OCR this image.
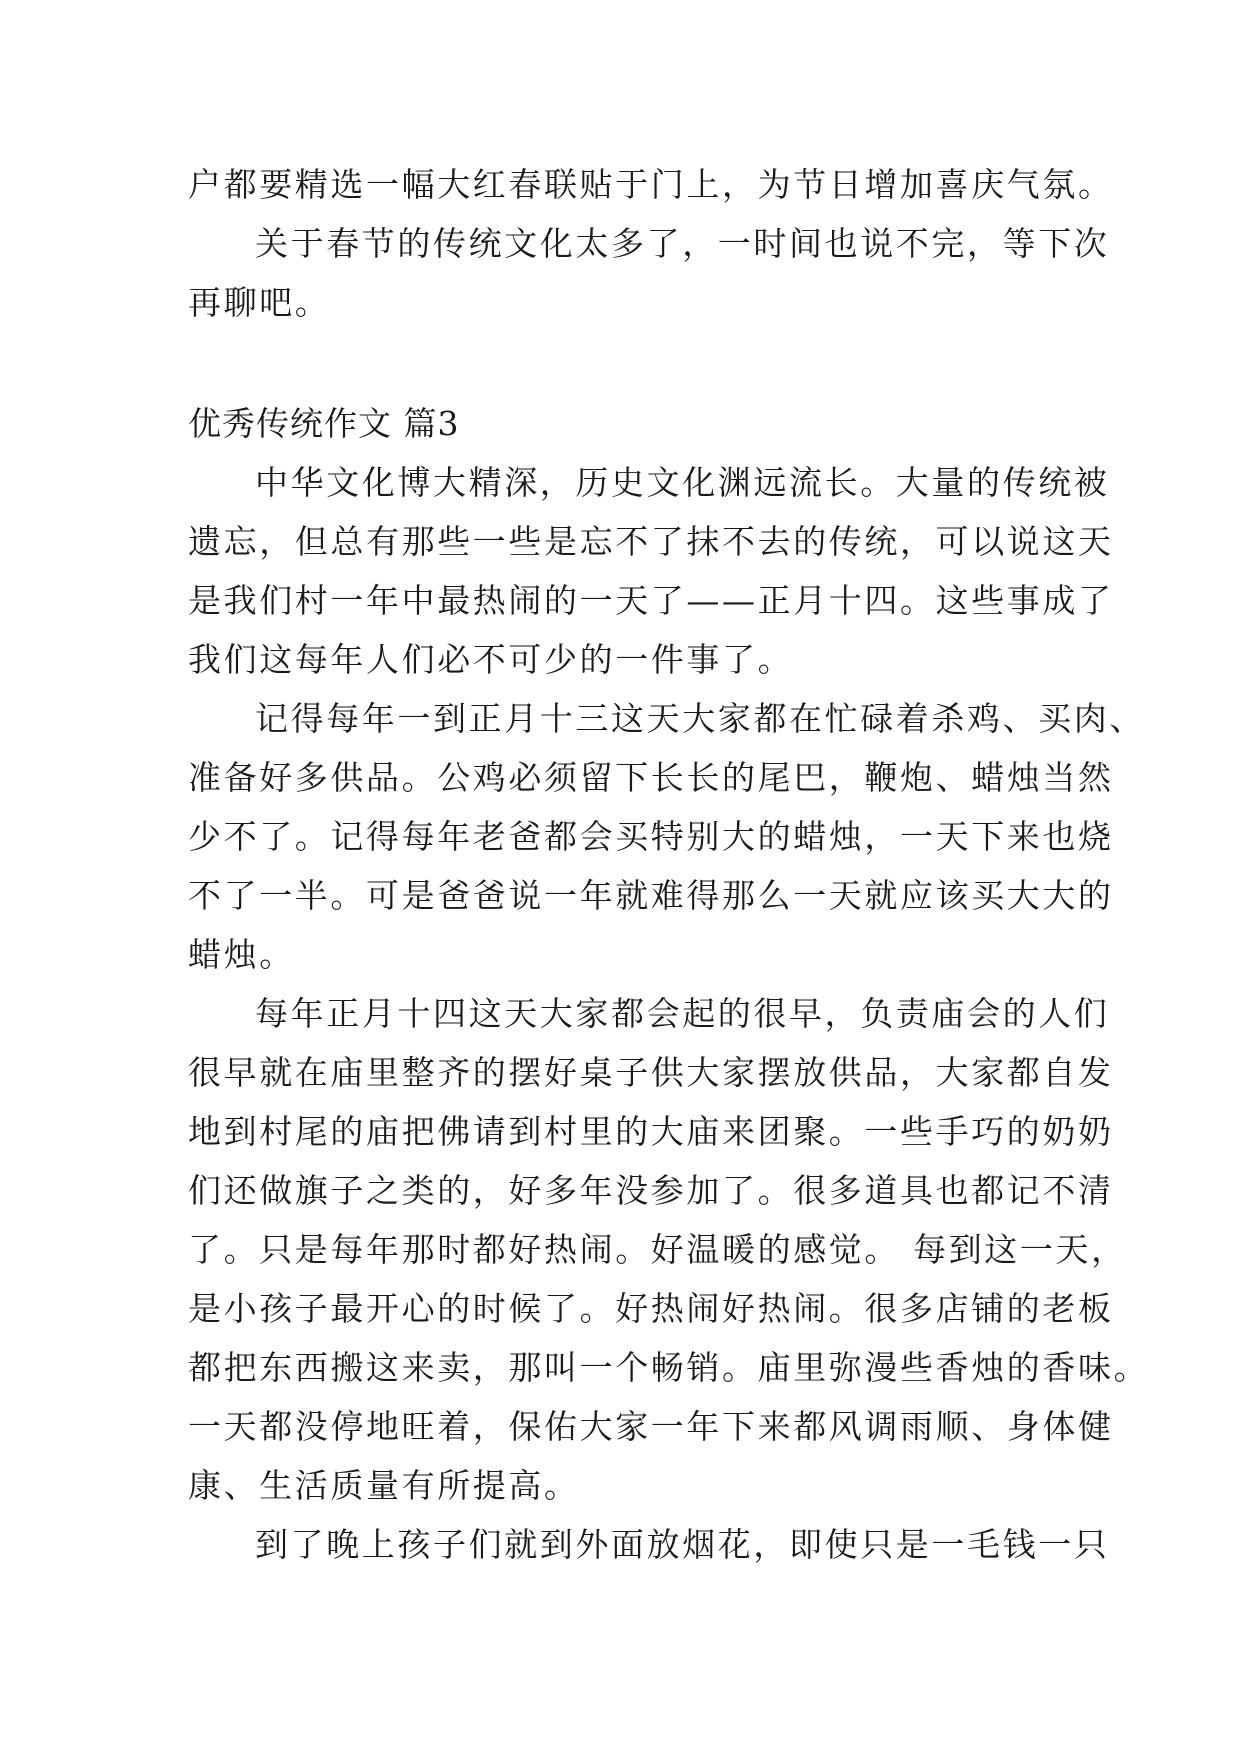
户都要精选一幅大红春联贴于门上，为节日增加喜庆气氛。
关于春节的传统文化太多了，一时间也说不完，等下次
再聊吧。
优秀传统作文 篇3
中华文化博大精深，历史文化渊远流长。大量的传统被
遗忘，但总有那些一些是忘不了抹不去的传统，可以说这天
是我们村一年中最热闹的一天了——正月十四。这些事成了
我们这每年人们必不可少的一件事了。
记得每年一到正月十三这天大家都在忙碌着杀鸡、买肉、
准备好多供品。公鸡必须留下长长的尾巴，鞭炮、蜡烛当然
少不了。记得每年老爸都会买特别大的蜡烛，一天下来也烧
不了一半。可是爸爸说一年就难得那么一天就应该买大大的
蜡烛。
每年正月十四这天大家都会起的很早，负责庙会的人们
很早就在庙里整齐的摆好桌子供大家摆放供品，大家都自发
地到村尾的庙把佛请到村里的大庙来团聚。一些手巧的奶奶
们还做旗子之类的，好多年没参加了。很多道具也都记不清
了。只是每年那时都好热闹。好温暖的感觉。 每到这一天，
是小孩子最开心的时候了。好热闹好热闹。很多店铺的老板
都把东西搬这来卖，那叫一个畅销。庙里弥漫些香烛的香味。
一天都没停地旺着，保佑大家一年下来都风调雨顺、身体健
康、生活质量有所提高。
到了晚上孩子们就到外面放烟花，即使只是一毛钱一只
